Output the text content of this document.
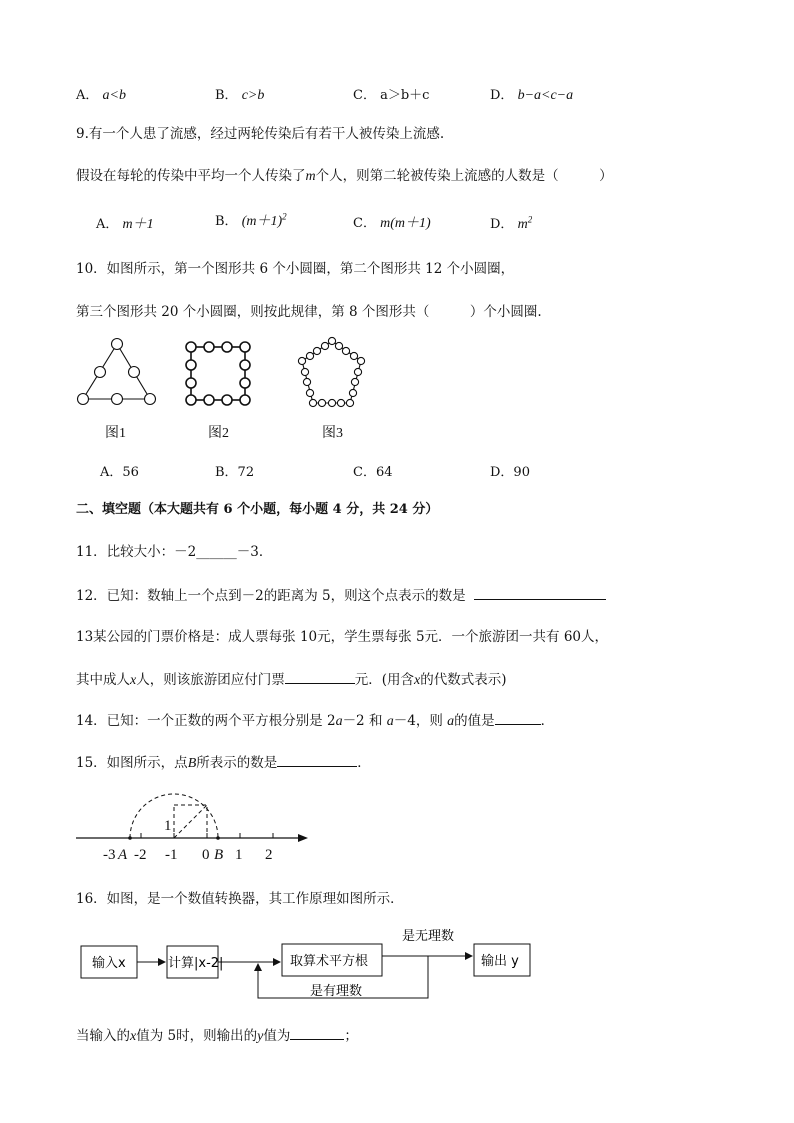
A． a<b	B． c>b	C． a＞b＋c	D． b−a<c−a
9.有一个人患了流感，经过两轮传染后有若干人被传染上流感.
假设在每轮的传染中平均一个人传染了m个人，则第二轮被传染上流感的人数是（　　　）
A． m＋1	B． $(m+1)^2$	C． m(m＋1)	D． $m^2$
10．如图所示，第一个图形共 6 个小圆圈，第二个图形共 12 个小圆圈，
第三个图形共 20 个小圆圈，则按此规律，第 8 个图形共（　　　）个小圆圈.
图1	图2	图3
A．56	B．72	C．64	D．90
二、填空题（本大题共有 6 个小题，每小题 4 分，共 24 分）
11．比较大小：－2______－3．
12．已知：数轴上一个点到－2的距离为 5，则这个点表示的数是
13某公园的门票价格是：成人票每张 10元，学生票每张 5元．一个旅游团一共有 60人，
其中成人x人，则该旅游团应付门票	元．(用含x的代数式表示)
14．已知：一个正数的两个平方根分别是 2a－2 和 a－4，则 a的值是	．
15．如图所示，点B所表示的数是	．
1
-3 A -2 -1 0 B 1 2
16．如图，是一个数值转换器，其工作原理如图所示．
输入x	计算|x-2|	取算术平方根	输出 y
是无理数
是有理数
当输入的x值为 5时，则输出的y值为	；
